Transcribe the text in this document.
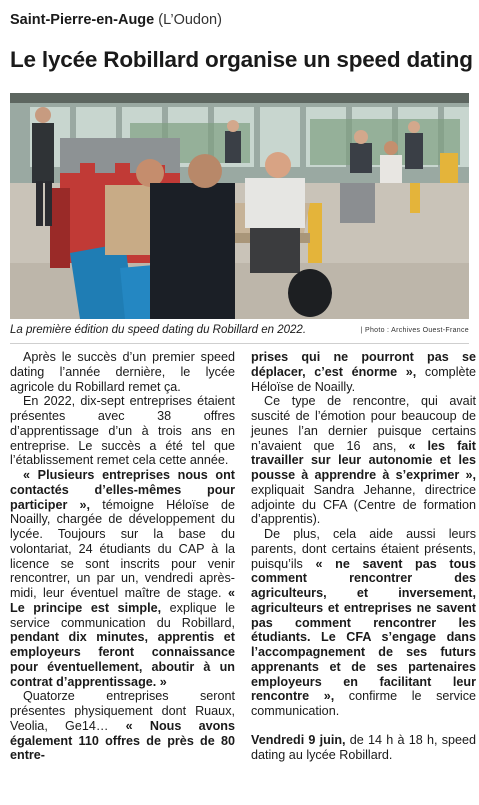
Saint-Pierre-en-Auge (L’Oudon)
Le lycée Robillard organise un speed dating
La première édition du speed dating du Robillard en 2022.	| Photo : Archives Ouest-France

Après le succès d’un premier speed dating l’année dernière, le lycée agricole du Robillard remet ça.

En 2022, dix-sept entreprises étaient présentes avec 38 offres d’apprentissage d’un à trois ans en entreprise. Le succès a été tel que l’établissement remet cela cette année.

« Plusieurs entreprises nous ont contactés d’elles-mêmes pour participer », témoigne Héloïse de Noailly, chargée de développement du lycée. Toujours sur la base du volontariat, 24 étudiants du CAP à la licence se sont inscrits pour venir rencontrer, un par un, vendredi après-midi, leur éventuel maître de stage. « Le principe est simple, explique le service communication du Robillard, pendant dix minutes, apprentis et employeurs feront connaissance pour éventuellement, aboutir à un contrat d’apprentissage. »

Quatorze entreprises seront présentes physiquement dont Ruaux, Veolia, Ge14… « Nous avons également 110 offres de près de 80 entre-

prises qui ne pourront pas se déplacer, c’est énorme », complète Héloïse de Noailly.

Ce type de rencontre, qui avait suscité de l’émotion pour beaucoup de jeunes l’an dernier puisque certains n’avaient que 16 ans, « les fait travailler sur leur autonomie et les pousse à apprendre à s’exprimer », expliquait Sandra Jehanne, directrice adjointe du CFA (Centre de formation d’apprentis).

De plus, cela aide aussi leurs parents, dont certains étaient présents, puisqu’ils « ne savent pas tous comment rencontrer des agriculteurs, et inversement, agriculteurs et entreprises ne savent pas comment rencontrer les étudiants. Le CFA s’engage dans l’accompagnement de ses futurs apprenants et de ses partenaires employeurs en facilitant leur rencontre », confirme le service communication.

Vendredi 9 juin, de 14 h à 18 h, speed dating au lycée Robillard.
